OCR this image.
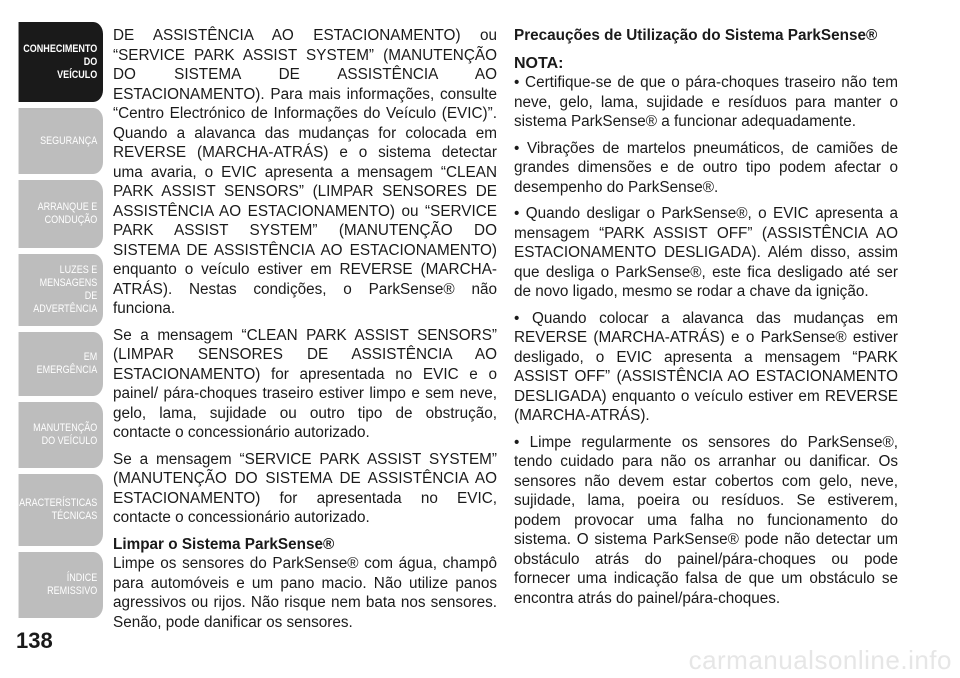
CONHECIMENTO
DO
VEÍCULO
SEGURANÇA
ARRANQUE E
CONDUÇÃO
LUZES E
MENSAGENS
DE
ADVERTÊNCIA
EM
EMERGÊNCIA
MANUTENÇÃO
DO VEÍCULO
CARACTERÍSTICAS
TÉCNICAS
ÍNDICE
REMISSIVO
138

DE ASSISTÊNCIA AO ESTACIONAMENTO) ou “SERVICE PARK ASSIST SYSTEM” (MANUTENÇÃO DO SISTEMA DE ASSISTÊNCIA AO ESTACIONAMENTO). Para mais informações, consulte “Centro Electrónico de Informações do Veículo (EVIC)”. Quando a alavanca das mudanças for colocada em REVERSE (MARCHA-ATRÁS) e o sistema detectar uma avaria, o EVIC apresenta a mensagem “CLEAN PARK ASSIST SENSORS” (LIMPAR SENSORES DE ASSISTÊNCIA AO ESTACIONAMENTO) ou “SERVICE PARK ASSIST SYSTEM” (MANUTENÇÃO DO SISTEMA DE ASSISTÊNCIA AO ESTACIONAMENTO) enquanto o veículo estiver em REVERSE (MARCHA-ATRÁS). Nestas condições, o ParkSense® não funciona.

Se a mensagem “CLEAN PARK ASSIST SENSORS” (LIMPAR SENSORES DE ASSISTÊNCIA AO ESTACIONAMENTO) for apresentada no EVIC e o painel/ pára-choques traseiro estiver limpo e sem neve, gelo, lama, sujidade ou outro tipo de obstrução, contacte o concessionário autorizado.

Se a mensagem “SERVICE PARK ASSIST SYSTEM” (MANUTENÇÃO DO SISTEMA DE ASSISTÊNCIA AO ESTACIONAMENTO) for apresentada no EVIC, contacte o concessionário autorizado.

Limpar o Sistema ParkSense®

Limpe os sensores do ParkSense® com água, champô para automóveis e um pano macio. Não utilize panos agressivos ou rijos. Não risque nem bata nos sensores. Senão, pode danificar os sensores.

Precauções de Utilização do Sistema ParkSense®
NOTA:

• Certifique-se de que o pára-choques traseiro não tem neve, gelo, lama, sujidade e resíduos para manter o sistema ParkSense® a funcionar adequadamente.

• Vibrações de martelos pneumáticos, de camiões de grandes dimensões e de outro tipo podem afectar o desempenho do ParkSense®.

• Quando desligar o ParkSense®, o EVIC apresenta a mensagem “PARK ASSIST OFF” (ASSISTÊNCIA AO ESTACIONAMENTO DESLIGADA). Além disso, assim que desliga o ParkSense®, este fica desligado até ser de novo ligado, mesmo se rodar a chave da ignição.

• Quando colocar a alavanca das mudanças em REVERSE (MARCHA-ATRÁS) e o ParkSense® estiver desligado, o EVIC apresenta a mensagem “PARK ASSIST OFF” (ASSISTÊNCIA AO ESTACIONAMENTO DESLIGADA) enquanto o veículo estiver em REVERSE (MARCHA-ATRÁS).

• Limpe regularmente os sensores do ParkSense®, tendo cuidado para não os arranhar ou danificar. Os sensores não devem estar cobertos com gelo, neve, sujidade, lama, poeira ou resíduos. Se estiverem, podem provocar uma falha no funcionamento do sistema. O sistema ParkSense® pode não detectar um obstáculo atrás do painel/pára-choques ou pode fornecer uma indicação falsa de que um obstáculo se encontra atrás do painel/pára-choques.

carmanualsonline.info
